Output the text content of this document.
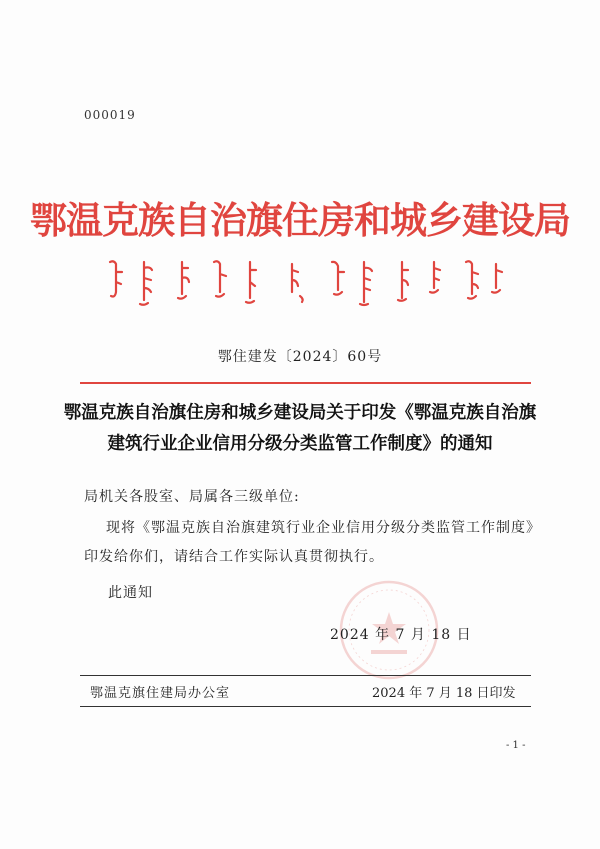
000019
鄂温克族自治旗住房和城乡建设局
鄂住建发〔2024〕60号
鄂温克族自治旗住房和城乡建设局关于印发《鄂温克族自治旗
建筑行业企业信用分级分类监管工作制度》的通知
局机关各股室、局属各三级单位:
现将《鄂温克族自治旗建筑行业企业信用分级分类监管工作制度》印发给你们，请结合工作实际认真贯彻执行。
此通知
2024 年 7 月 18 日
鄂温克旗住建局办公室	2024 年 7 月 18 日印发
- 1 -
